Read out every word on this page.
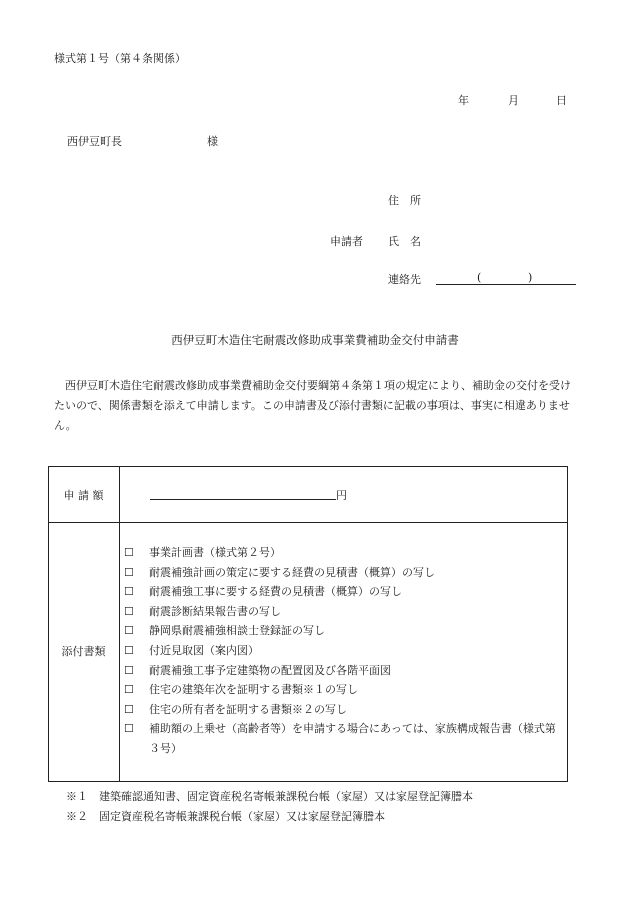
様式第１号（第４条関係）
年	月	日
西伊豆町長	様
住　所
申請者 氏　名
連絡先	(	)
西伊豆町木造住宅耐震改修助成事業費補助金交付申請書
西伊豆町木造住宅耐震改修助成事業費補助金交付要綱第４条第１項の規定により、補助金の交付を受けたいので、関係書類を添えて申請します。この申請書及び添付書類に記載の事項は、事実に相違ありません。
申 請 額	円
添付書類
☐ 事業計画書（様式第２号）
☐ 耐震補強計画の策定に要する経費の見積書（概算）の写し
☐ 耐震補強工事に要する経費の見積書（概算）の写し
☐ 耐震診断結果報告書の写し
☐ 静岡県耐震補強相談士登録証の写し
☐ 付近見取図（案内図）
☐ 耐震補強工事予定建築物の配置図及び各階平面図
☐ 住宅の建築年次を証明する書類※１の写し
☐ 住宅の所有者を証明する書類※２の写し
☐ 補助額の上乗せ（高齢者等）を申請する場合にあっては、家族構成報告書（様式第３号）
※１　建築確認通知書、固定資産税名寄帳兼課税台帳（家屋）又は家屋登記簿謄本
※２　固定資産税名寄帳兼課税台帳（家屋）又は家屋登記簿謄本
